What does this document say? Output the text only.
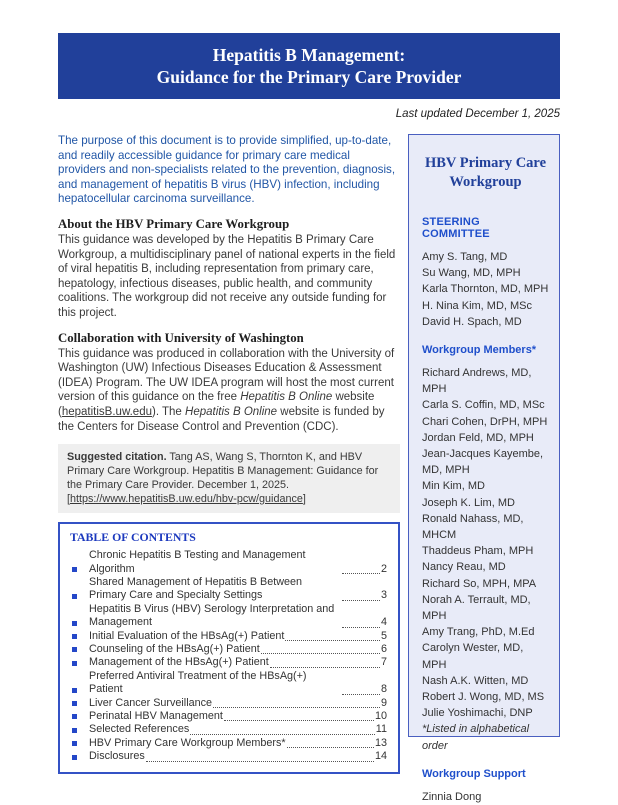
Hepatitis B Management:
Guidance for the Primary Care Provider
Last updated December 1, 2025

The purpose of this document is to provide simplified, up-to-date, and readily accessible guidance for primary care medical providers and non-specialists related to the prevention, diagnosis, and management of hepatitis B virus (HBV) infection, including hepatocellular carcinoma surveillance.

About the HBV Primary Care Workgroup

This guidance was developed by the Hepatitis B Primary Care Workgroup, a multidisciplinary panel of national experts in the field of viral hepatitis B, including representation from primary care, hepatology, infectious diseases, public health, and community coalitions. The workgroup did not receive any outside funding for this project.

Collaboration with University of Washington

This guidance was produced in collaboration with the University of Washington (UW) Infectious Diseases Education & Assessment (IDEA) Program. The UW IDEA program will host the most current version of this guidance on the free Hepatitis B Online website (hepatitisB.uw.edu). The Hepatitis B Online website is funded by the Centers for Disease Control and Prevention (CDC).

Suggested citation. Tang AS, Wang S, Thornton K, and HBV Primary Care Workgroup. Hepatitis B Management: Guidance for the Primary Care Provider. December 1, 2025. [https://www.hepatitisB.uw.edu/hbv-pcw/guidance]
TABLE OF CONTENTS
Chronic Hepatitis B Testing and Management Algorithm	2
Shared Management of Hepatitis B Between Primary Care and Specialty Settings	3
Hepatitis B Virus (HBV) Serology Interpretation and Management	4
Initial Evaluation of the HBsAg(+) Patient	5
Counseling of the HBsAg(+) Patient	6
Management of the HBsAg(+) Patient	7
Preferred Antiviral Treatment of the HBsAg(+) Patient	8
Liver Cancer Surveillance	9
Perinatal HBV Management	10
Selected References	11
HBV Primary Care Workgroup Members*	13
Disclosures	14
HBV Primary Care
Workgroup
STEERING COMMITTEE
Amy S. Tang, MD
Su Wang, MD, MPH
Karla Thornton, MD, MPH
H. Nina Kim, MD, MSc
David H. Spach, MD
Workgroup Members*
Richard Andrews, MD, MPH
Carla S. Coffin, MD, MSc
Chari Cohen, DrPH, MPH
Jordan Feld, MD, MPH
Jean-Jacques Kayembe, MD, MPH
Min Kim, MD
Joseph K. Lim, MD
Ronald Nahass, MD, MHCM
Thaddeus Pham, MPH
Nancy Reau, MD
Richard So, MPH, MPA
Norah A. Terrault, MD, MPH
Amy Trang, PhD, M.Ed
Carolyn Wester, MD, MPH
Nash A.K. Witten, MD
Robert J. Wong, MD, MS
Julie Yoshimachi, DNP
*Listed in alphabetical order
Workgroup Support
Zinnia Dong
